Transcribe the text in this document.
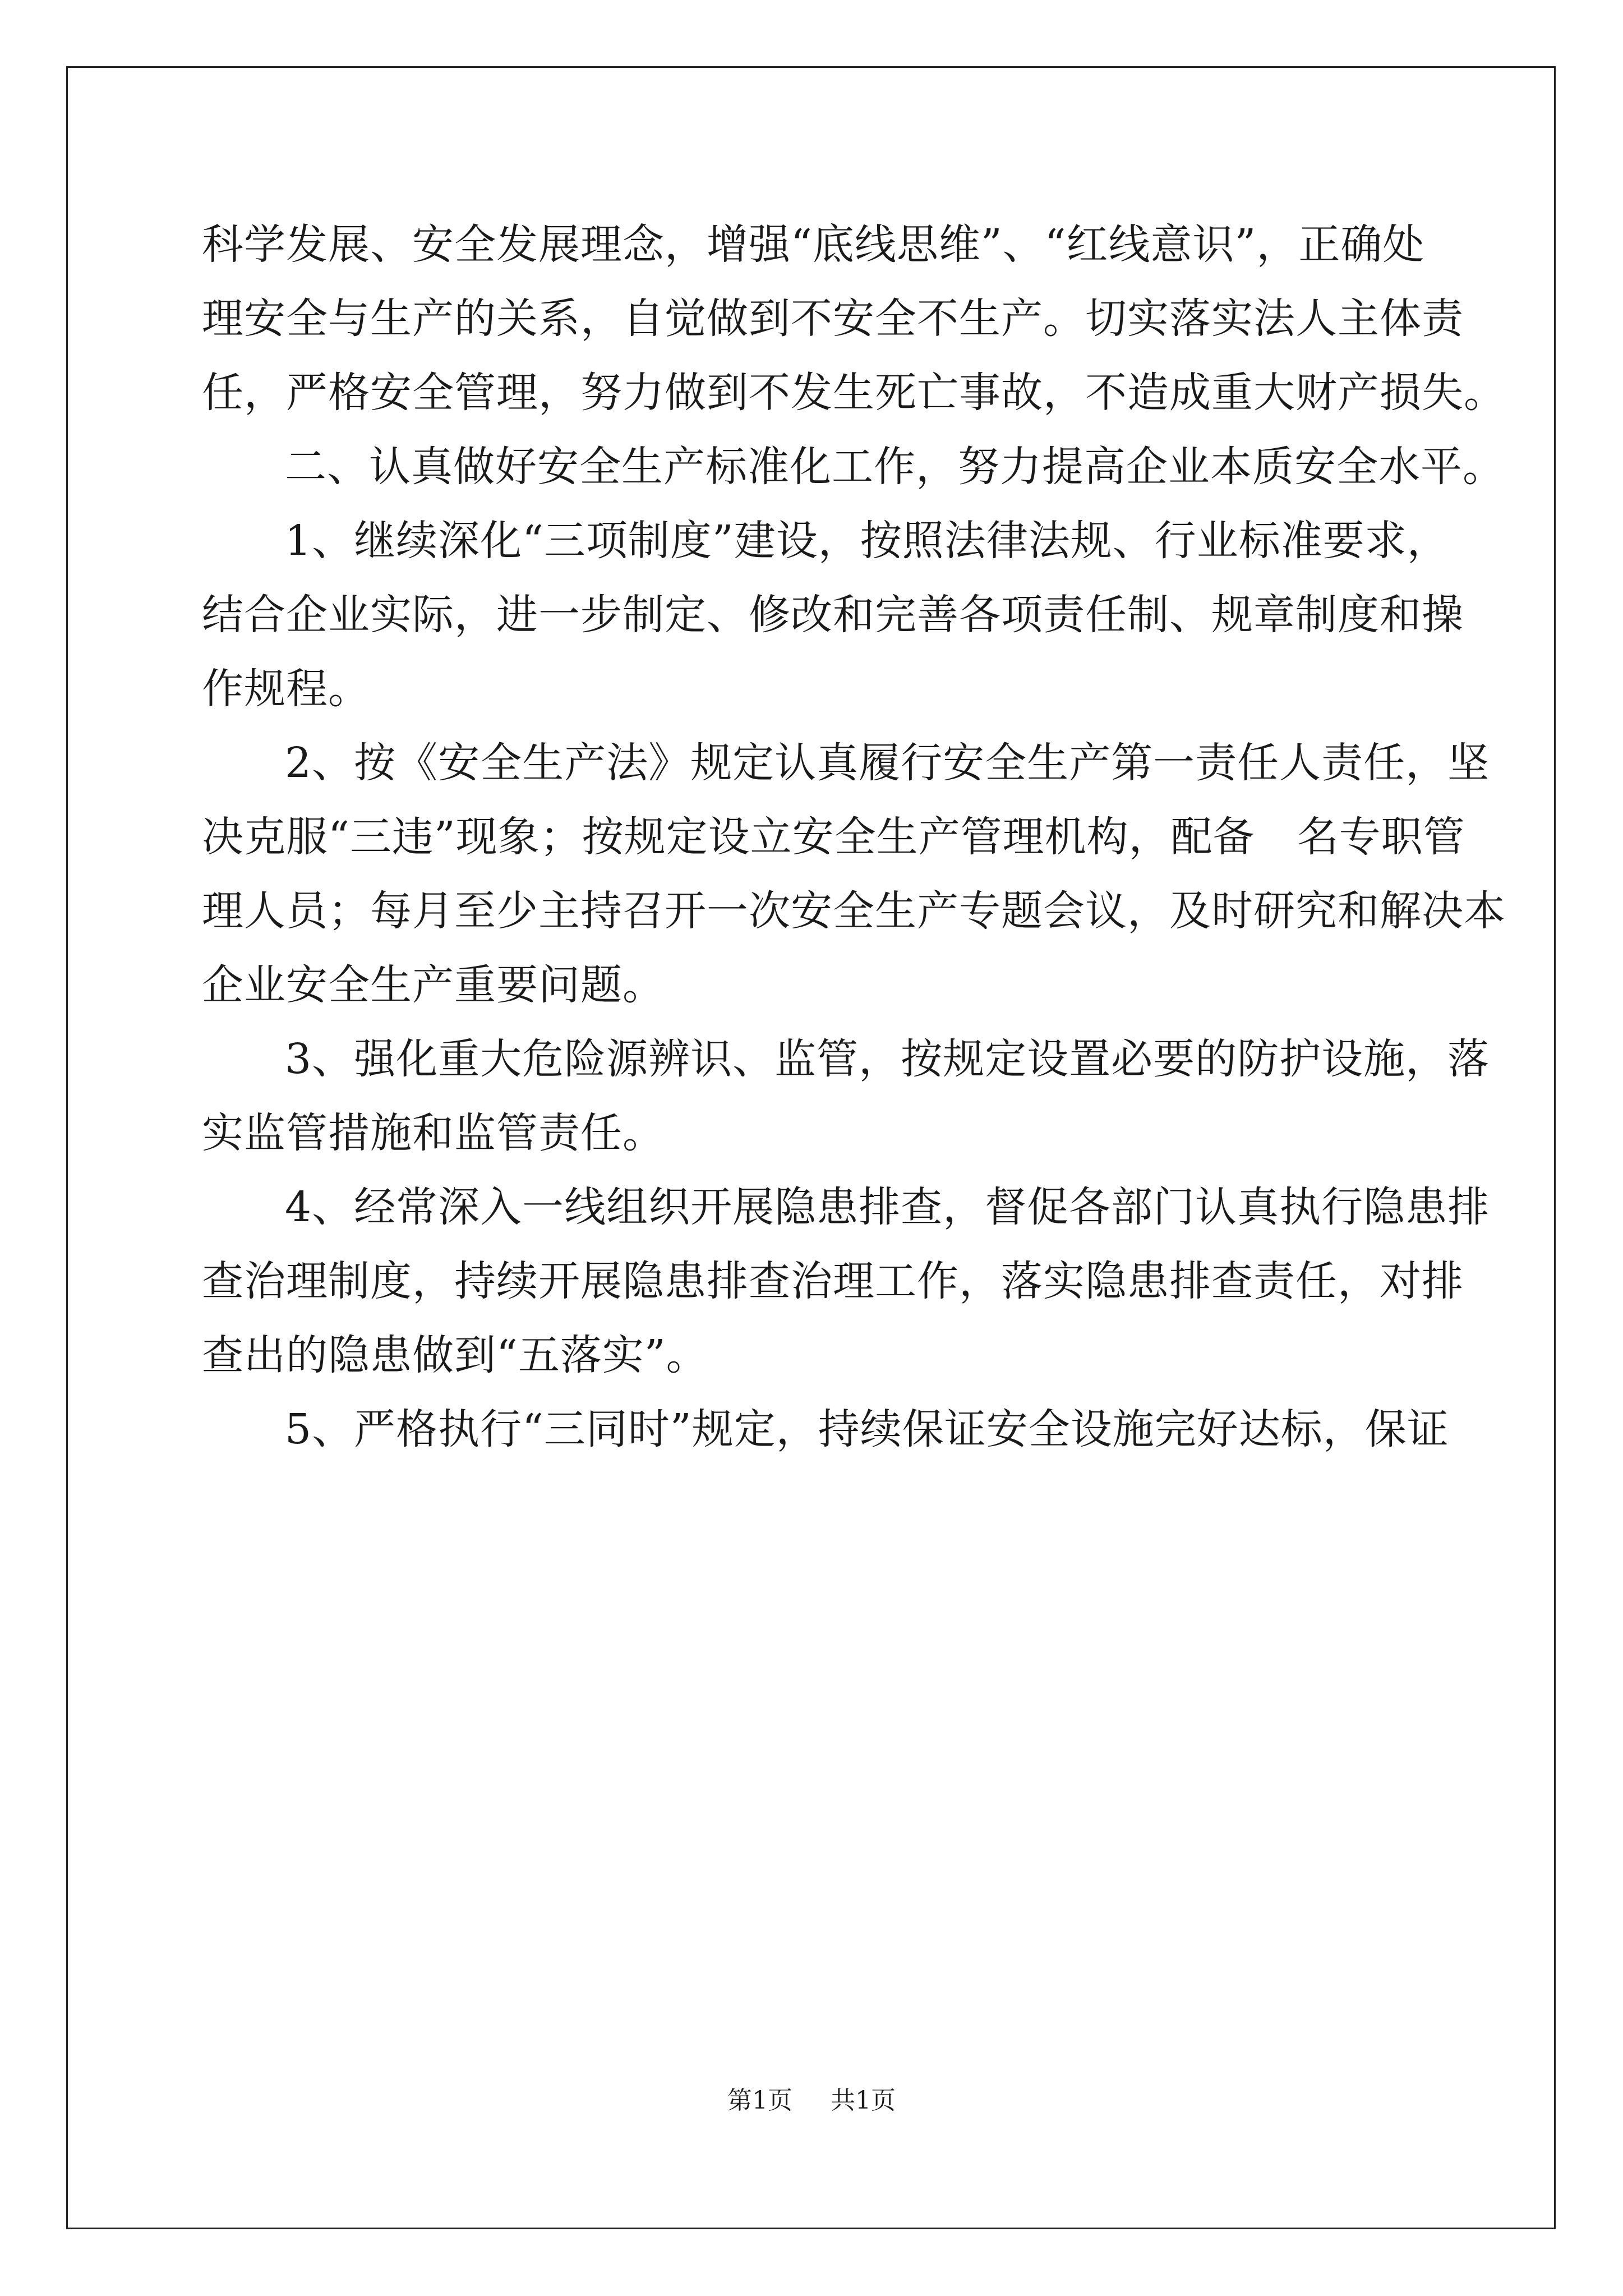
科学发展、安全发展理念，增强“底线思维”、“红线意识”，正确处
理安全与生产的关系，自觉做到不安全不生产。切实落实法人主体责
任，严格安全管理，努力做到不发生死亡事故，不造成重大财产损失。
二、认真做好安全生产标准化工作，努力提高企业本质安全水平。
1、继续深化“三项制度”建设，按照法律法规、行业标准要求，
结合企业实际，进一步制定、修改和完善各项责任制、规章制度和操
作规程。
2、按《安全生产法》规定认真履行安全生产第一责任人责任，坚
决克服“三违”现象；按规定设立安全生产管理机构，配备　名专职管
理人员；每月至少主持召开一次安全生产专题会议，及时研究和解决本
企业安全生产重要问题。
3、强化重大危险源辨识、监管，按规定设置必要的防护设施，落
实监管措施和监管责任。
4、经常深入一线组织开展隐患排查，督促各部门认真执行隐患排
查治理制度，持续开展隐患排查治理工作，落实隐患排查责任，对排
查出的隐患做到“五落实”。
5、严格执行“三同时”规定，持续保证安全设施完好达标，保证
第1页 共1页
